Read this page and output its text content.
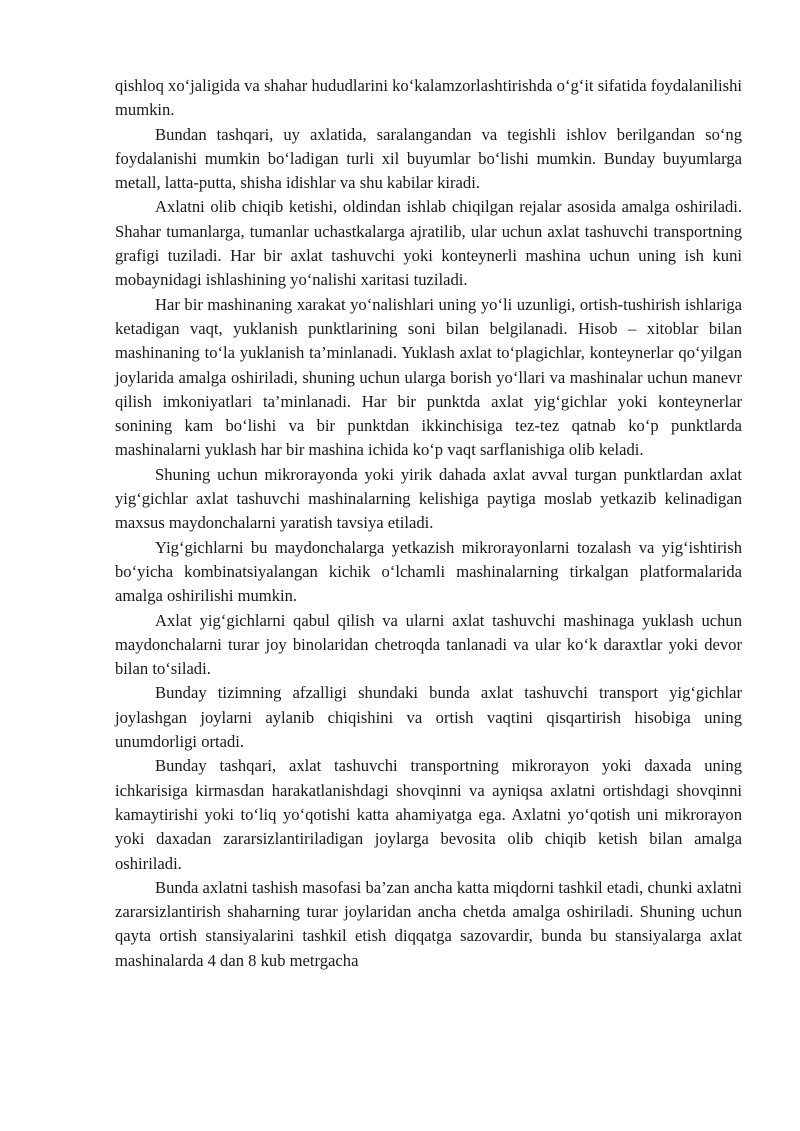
qishloq xo‘jaligida va shahar hududlarini ko‘kalamzorlashtirishda o‘g‘it sifatida foydalanilishi mumkin.

Bundan tashqari, uy axlatida, saralangandan va tegishli ishlov berilgandan so‘ng foydalanishi mumkin bo‘ladigan turli xil buyumlar bo‘lishi mumkin. Bunday buyumlarga metall, latta-putta, shisha idishlar va shu kabilar kiradi.

Axlatni olib chiqib ketishi, oldindan ishlab chiqilgan rejalar asosida amalga oshiriladi. Shahar tumanlarga, tumanlar uchastkalarga ajratilib, ular uchun axlat tashuvchi transportning grafigi tuziladi. Har bir axlat tashuvchi yoki konteynerli mashina uchun uning ish kuni mobaynidagi ishlashining yo‘nalishi xaritasi tuziladi.

Har bir mashinaning xarakat yo‘nalishlari uning yo‘li uzunligi, ortish-tushirish ishlariga ketadigan vaqt, yuklanish punktlarining soni bilan belgilanadi. Hisob – xitoblar bilan mashinaning to‘la yuklanish ta’minlanadi. Yuklash axlat to‘plagichlar, konteynerlar qo‘yilgan joylarida amalga oshiriladi, shuning uchun ularga borish yo‘llari va mashinalar uchun manevr qilish imkoniyatlari ta’minlanadi. Har bir punktda axlat yig‘gichlar yoki konteynerlar sonining kam bo‘lishi va bir punktdan ikkinchisiga tez-tez qatnab ko‘p punktlarda mashinalarni yuklash har bir mashina ichida ko‘p vaqt sarflanishiga olib keladi.

Shuning uchun mikrorayonda yoki yirik dahada axlat avval turgan punktlardan axlat yig‘gichlar axlat tashuvchi mashinalarning kelishiga paytiga moslab yetkazib kelinadigan maxsus maydonchalarni yaratish tavsiya etiladi.

Yig‘gichlarni bu maydonchalarga yetkazish mikrorayonlarni tozalash va yig‘ishtirish bo‘yicha kombinatsiyalangan kichik o‘lchamli mashinalarning tirkalgan platformalarida amalga oshirilishi mumkin.

Axlat yig‘gichlarni qabul qilish va ularni axlat tashuvchi mashinaga yuklash uchun maydonchalarni turar joy binolaridan chetroqda tanlanadi va ular ko‘k daraxtlar yoki devor bilan to‘siladi.

Bunday tizimning afzalligi shundaki bunda axlat tashuvchi transport yig‘gichlar joylashgan joylarni aylanib chiqishini va ortish vaqtini qisqartirish hisobiga uning unumdorligi ortadi.

Bunday tashqari, axlat tashuvchi transportning mikrorayon yoki daxada uning ichkarisiga kirmasdan harakatlanishdagi shovqinni va ayniqsa axlatni ortishdagi shovqinni kamaytirishi yoki to‘liq yo‘qotishi katta ahamiyatga ega. Axlatni yo‘qotish uni mikrorayon yoki daxadan zararsizlantiriladigan joylarga bevosita olib chiqib ketish bilan amalga oshiriladi.

Bunda axlatni tashish masofasi ba’zan ancha katta miqdorni tashkil etadi, chunki axlatni zararsizlantirish shaharning turar joylaridan ancha chetda amalga oshiriladi. Shuning uchun qayta ortish stansiyalarini tashkil etish diqqatga sazovardir, bunda bu stansiyalarga axlat mashinalarda 4 dan 8 kub metrgacha
